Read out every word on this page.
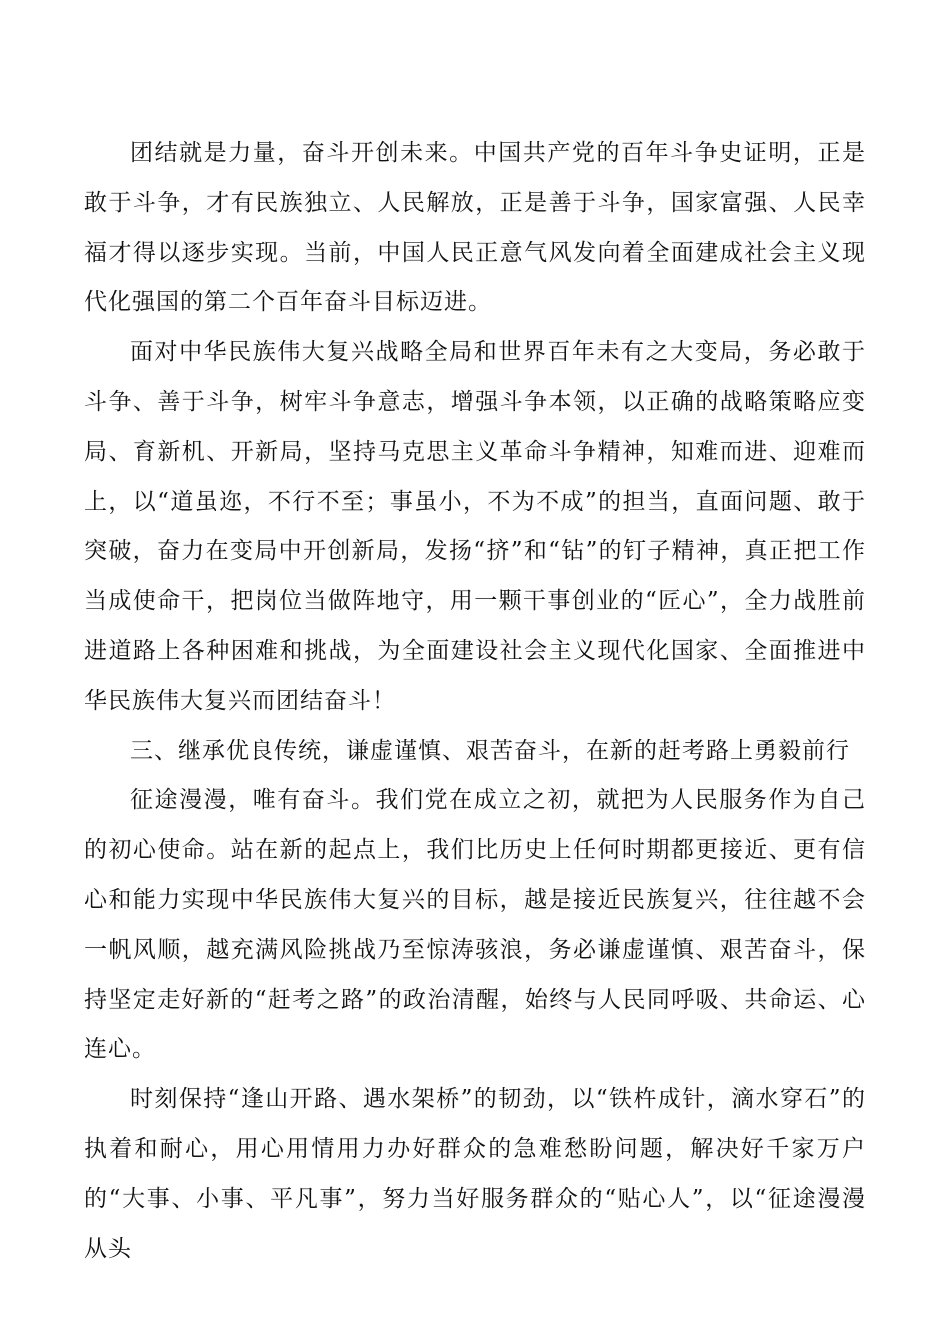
团结就是力量，奋斗开创未来。中国共产党的百年斗争史证明，正是敢于斗争，才有民族独立、人民解放，正是善于斗争，国家富强、人民幸福才得以逐步实现。当前，中国人民正意气风发向着全面建成社会主义现代化强国的第二个百年奋斗目标迈进。

面对中华民族伟大复兴战略全局和世界百年未有之大变局，务必敢于斗争、善于斗争，树牢斗争意志，增强斗争本领，以正确的战略策略应变局、育新机、开新局，坚持马克思主义革命斗争精神，知难而进、迎难而上，以“道虽迩，不行不至；事虽小，不为不成”的担当，直面问题、敢于突破，奋力在变局中开创新局，发扬“挤”和“钻”的钉子精神，真正把工作当成使命干，把岗位当做阵地守，用一颗干事创业的“匠心”，全力战胜前进道路上各种困难和挑战，为全面建设社会主义现代化国家、全面推进中华民族伟大复兴而团结奋斗！

三、继承优良传统，谦虚谨慎、艰苦奋斗，在新的赶考路上勇毅前行

征途漫漫，唯有奋斗。我们党在成立之初，就把为人民服务作为自己的初心使命。站在新的起点上，我们比历史上任何时期都更接近、更有信心和能力实现中华民族伟大复兴的目标，越是接近民族复兴，往往越不会一帆风顺，越充满风险挑战乃至惊涛骇浪，务必谦虚谨慎、艰苦奋斗，保持坚定走好新的“赶考之路”的政治清醒，始终与人民同呼吸、共命运、心连心。

时刻保持“逢山开路、遇水架桥”的韧劲，以“铁杵成针，滴水穿石”的执着和耐心，用心用情用力办好群众的急难愁盼问题，解决好千家万户的“大事、小事、平凡事”，努力当好服务群众的“贴心人”，以“征途漫漫从头
